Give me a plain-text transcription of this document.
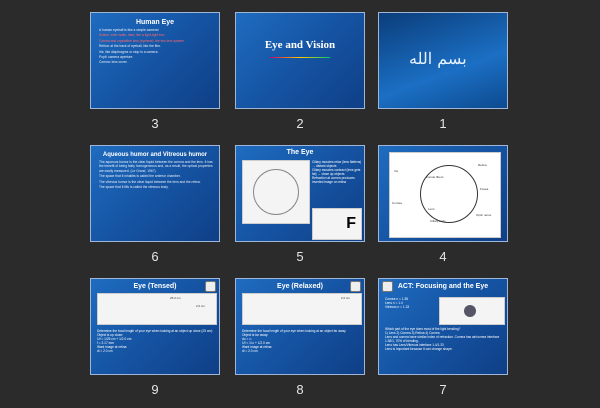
Human Eye
A human eyeball is like a simple camera!
Sclera: outer walls, hard, like a light-tight box.
Cornea and crystalline lens (eyelens): the two lens system
Retina: at the back of eyeball, like the film.
Iris: like diaphragms or stop in a camera.
Pupil: camera aperture.
Cornea: lens cover.
3
Eye and Vision
2
بسم الله
1
Aqueous humor and Vitreous humor
The aqueous humor is the clear liquid between the cornea and the lens. It has the benefit of being fairly homogeneous and, as a result, the optical properties are easily measured. (Le Grand, 1967)
The space that it inhabits is called the anterior chamber.
The vitreous humor is the clear liquid between the lens and the retina.
The space that it fills is called the vitreous body.
6
The Eye
Ciliary muscles relax (lens flattens) → distant objects
Ciliary muscles contract (lens gets fat) → close up objects
Refraction at cornea produces inverted image on retina
F
5
Iris
Zonule fibers
Retina
Fovea
Cornea
Lens
Ciliary body
Optic nerve
4
Eye (Tensed)
25.0 cm
2.0 cm
Determine the focal length of your eye when looking at an object up close (25 cm):
Object is up close:
1/f = 1/25 cm + 1/2.0 cm
f = 2.17 mm
Want image at retina:
di = 2.0 cm
9
Eye (Relaxed)
2.0 cm
Determine the focal length of your eye when looking at an object far away.
Object is far away:
do = ∞
1/f = 1/∞ + 1/2.0 cm
Want image at retina:
di = 2.0 cm
8
ACT: Focusing and the Eye
Cornea n = 1.38
Lens n = 1.4
Vitreous n = 1.33
Which part of the eye does most of the light bending?
1) Lens 2) Cornea 3) Retina 4) Cornea
Lens and cornea have similar index of refraction. Cornea has air/cornea interface 1.38/1, 70% of bending.
Lens has Lens/Vitreous interface 1.4/1.33
Lens is important because it can change shape.
7
